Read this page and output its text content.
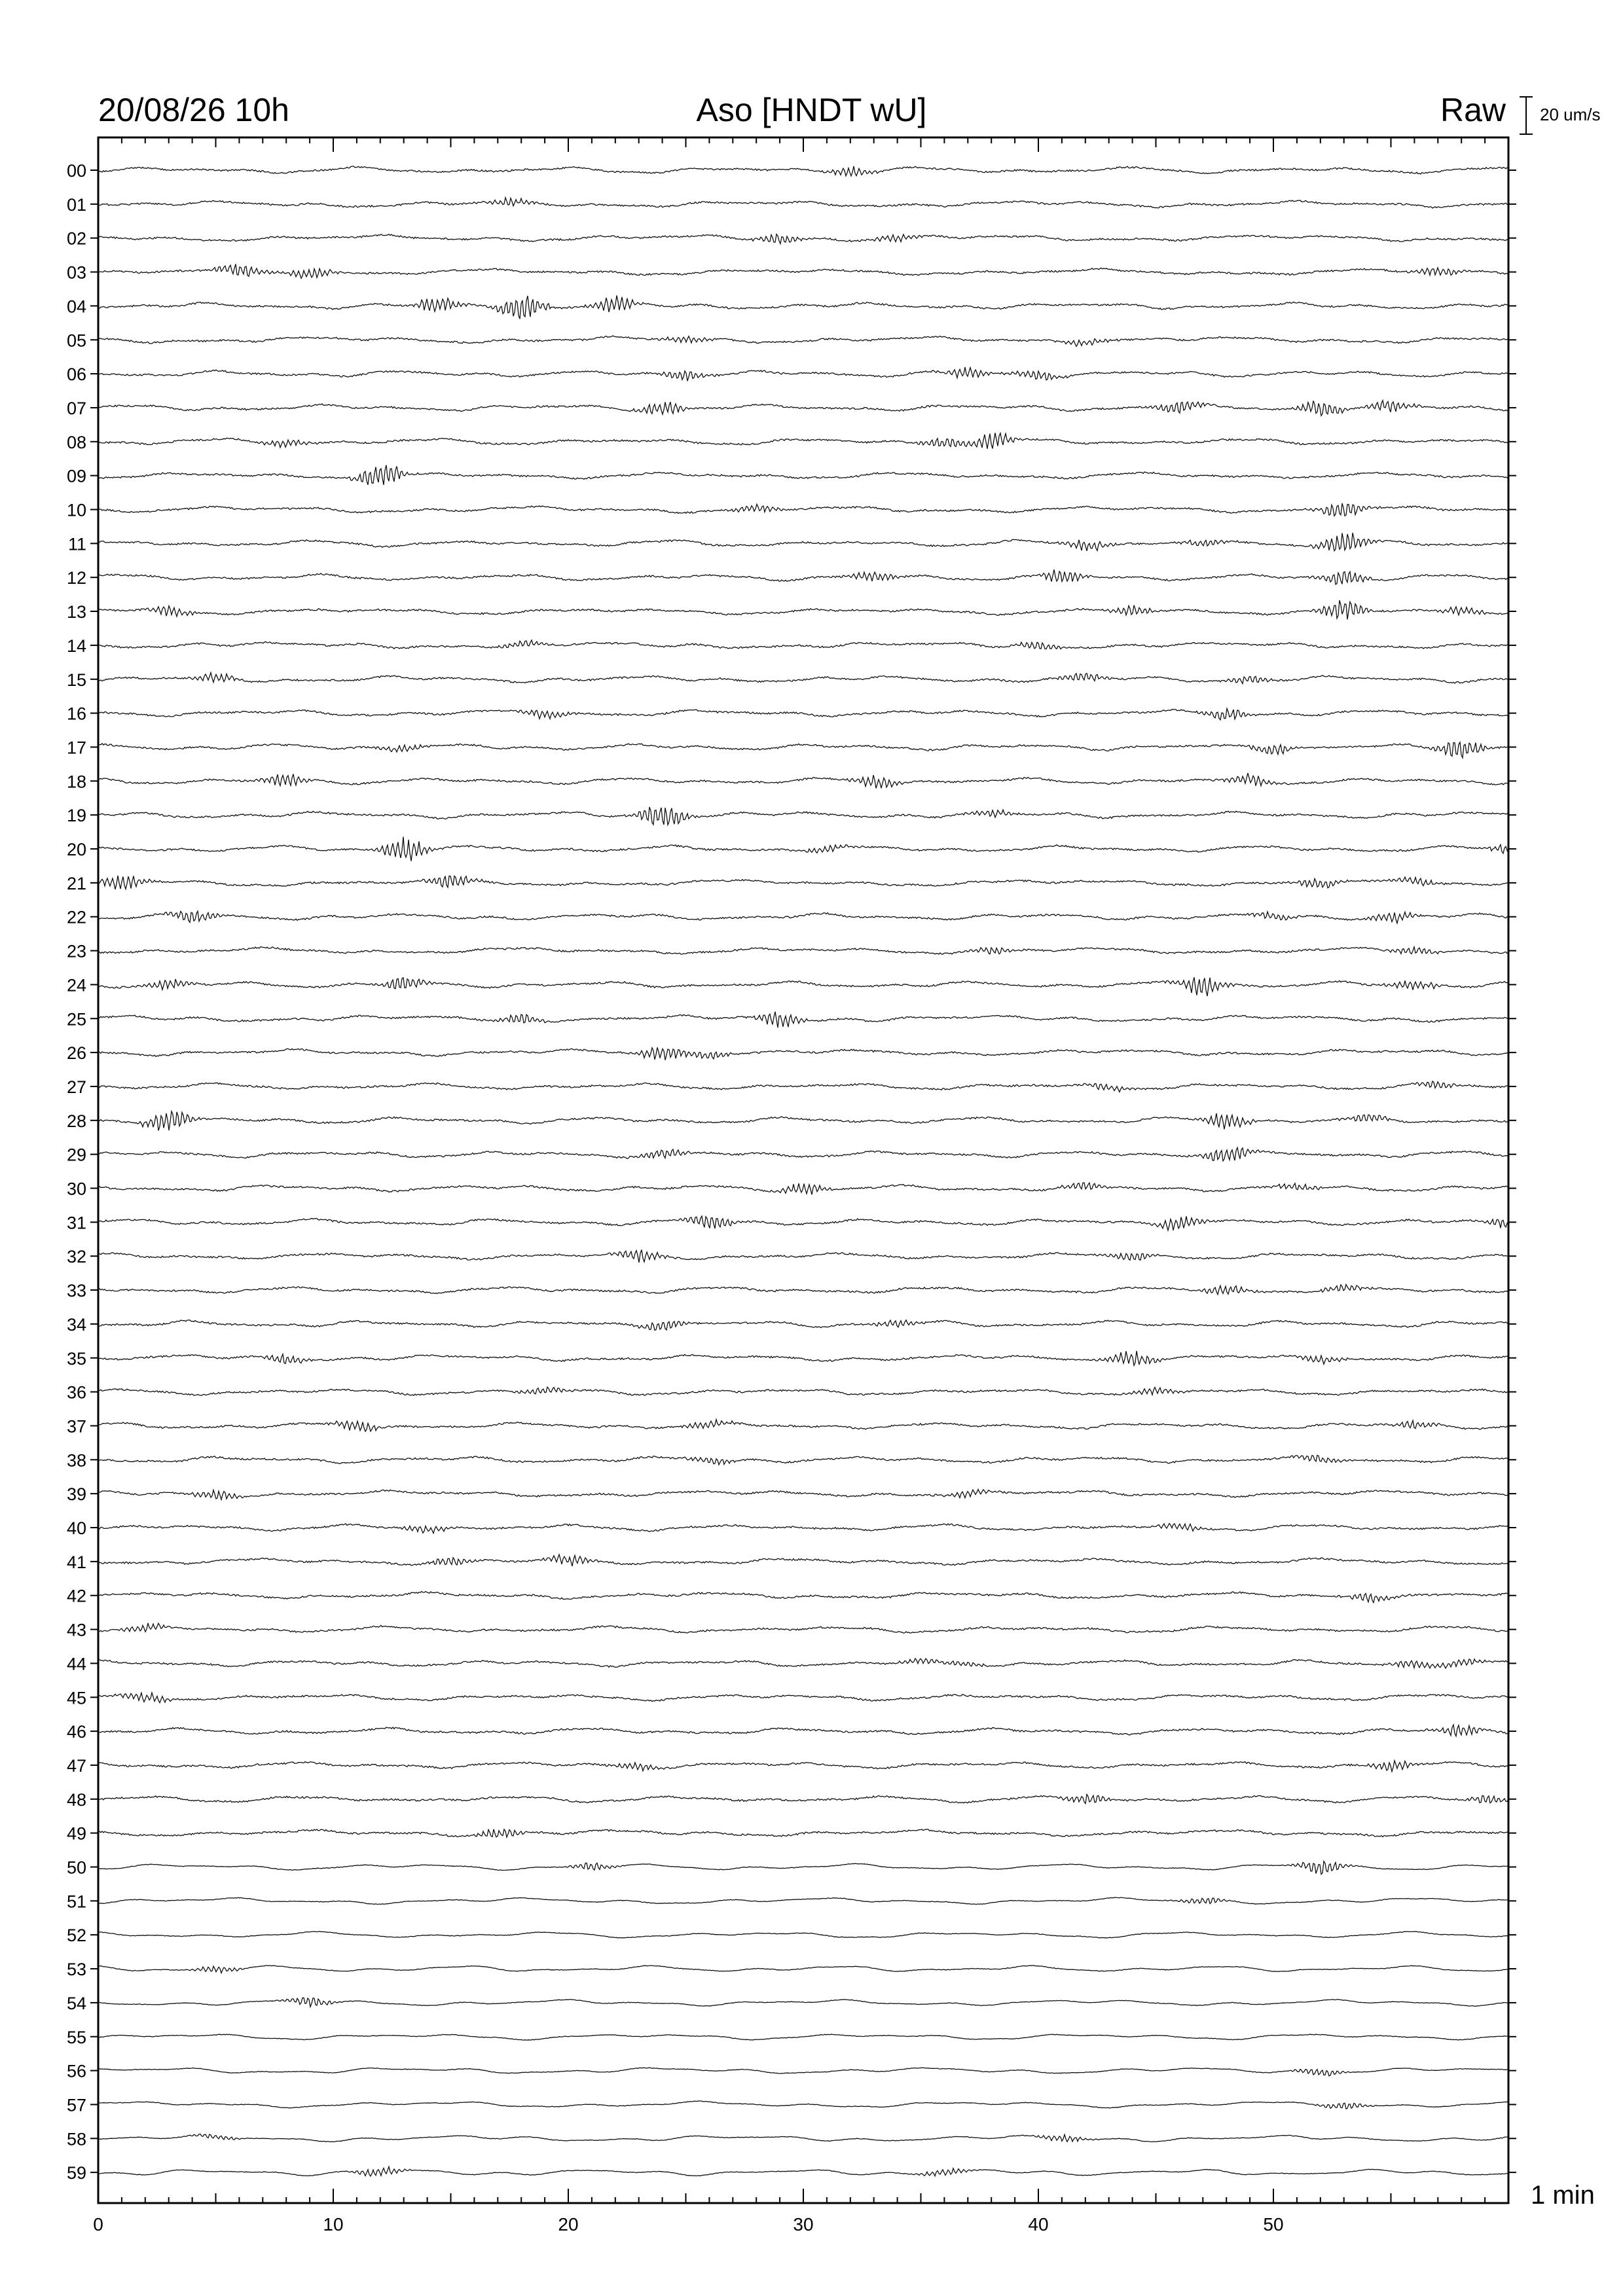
20/08/26 10h	Aso [HNDT wU]	Raw 20 um/s
1 min
00
01
02
03
04
05
06
07
08
09
10
11
12
13
14
15
16
17
18
19
20
21
22
23
24
25
26
27
28
29
30
31
32
33
34
35
36
37
38
39
40
41
42
43
44
45
46
47
48
49
50
51
52
53
54
55
56
57
58
59
0	10	20	30	40	50
